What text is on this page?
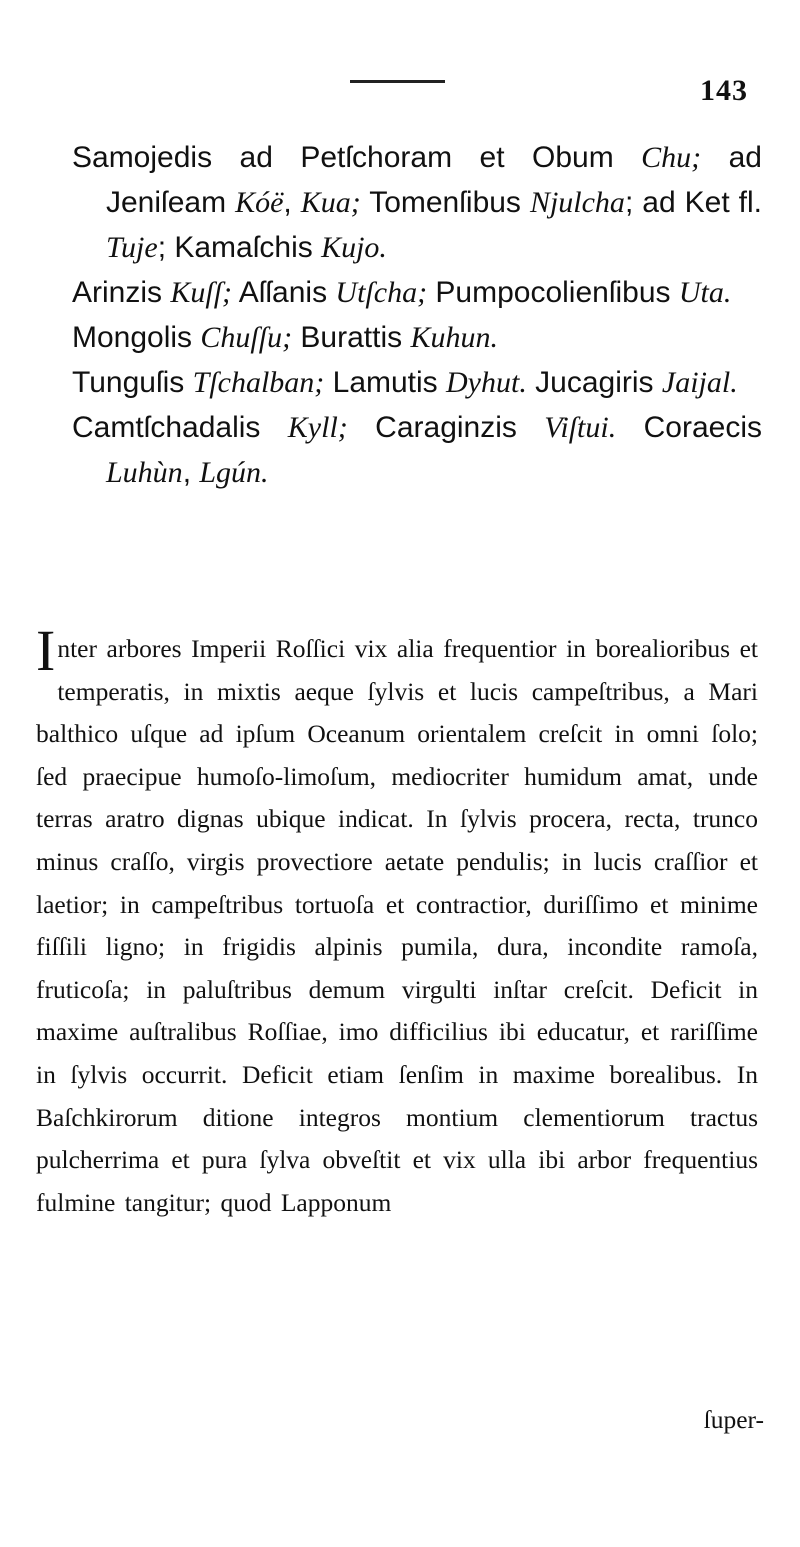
143
Samojedis ad Petſchoram et Obum Chu; ad Jeniſeam Kóë, Kua; Tomenſibus Njulcha; ad Ket fl. Tuje; Kamaſchis Kujo.
Arinzis Kuſſ; Aſſanis Utſcha; Pumpocolienſibus Uta.
Mongolis Chuſſu; Burattis Kuhun.
Tunguſis Tſchalban; Lamutis Dyhut. Jucagiris Jaijal.
Camtſchadalis Kyll; Caraginzis Viſtui. Coraecis Luhùn, Lgún.
Inter arbores Imperii Roſſici vix alia frequentior in borealioribus et temperatis, in mixtis aeque ſylvis et lucis campeſtribus, a Mari balthico uſque ad ipſum Oceanum orientalem creſcit in omni ſolo; ſed praecipue humoſo-limoſum, mediocriter humidum amat, unde terras aratro dignas ubique indicat. In ſylvis procera, recta, trunco minus craſſo, virgis provectiore aetate pendulis; in lucis craſſior et laetior; in campeſtribus tortuoſa et contractior, duriſſimo et minime fiſſili ligno; in frigidis alpinis pumila, dura, incondite ramoſa, fruticoſa; in paluſtribus demum virgulti inſtar creſcit. Deficit in maxime auſtralibus Roſſiae, imo difficilius ibi educatur, et rariſſime in ſylvis occurrit. Deficit etiam ſenſim in maxime borealibus. In Baſchkirorum ditione integros montium clementiorum tractus pulcherrima et pura ſylva obveſtit et vix ulla ibi arbor frequentius fulmine tangitur; quod Lapponum
ſuper-
